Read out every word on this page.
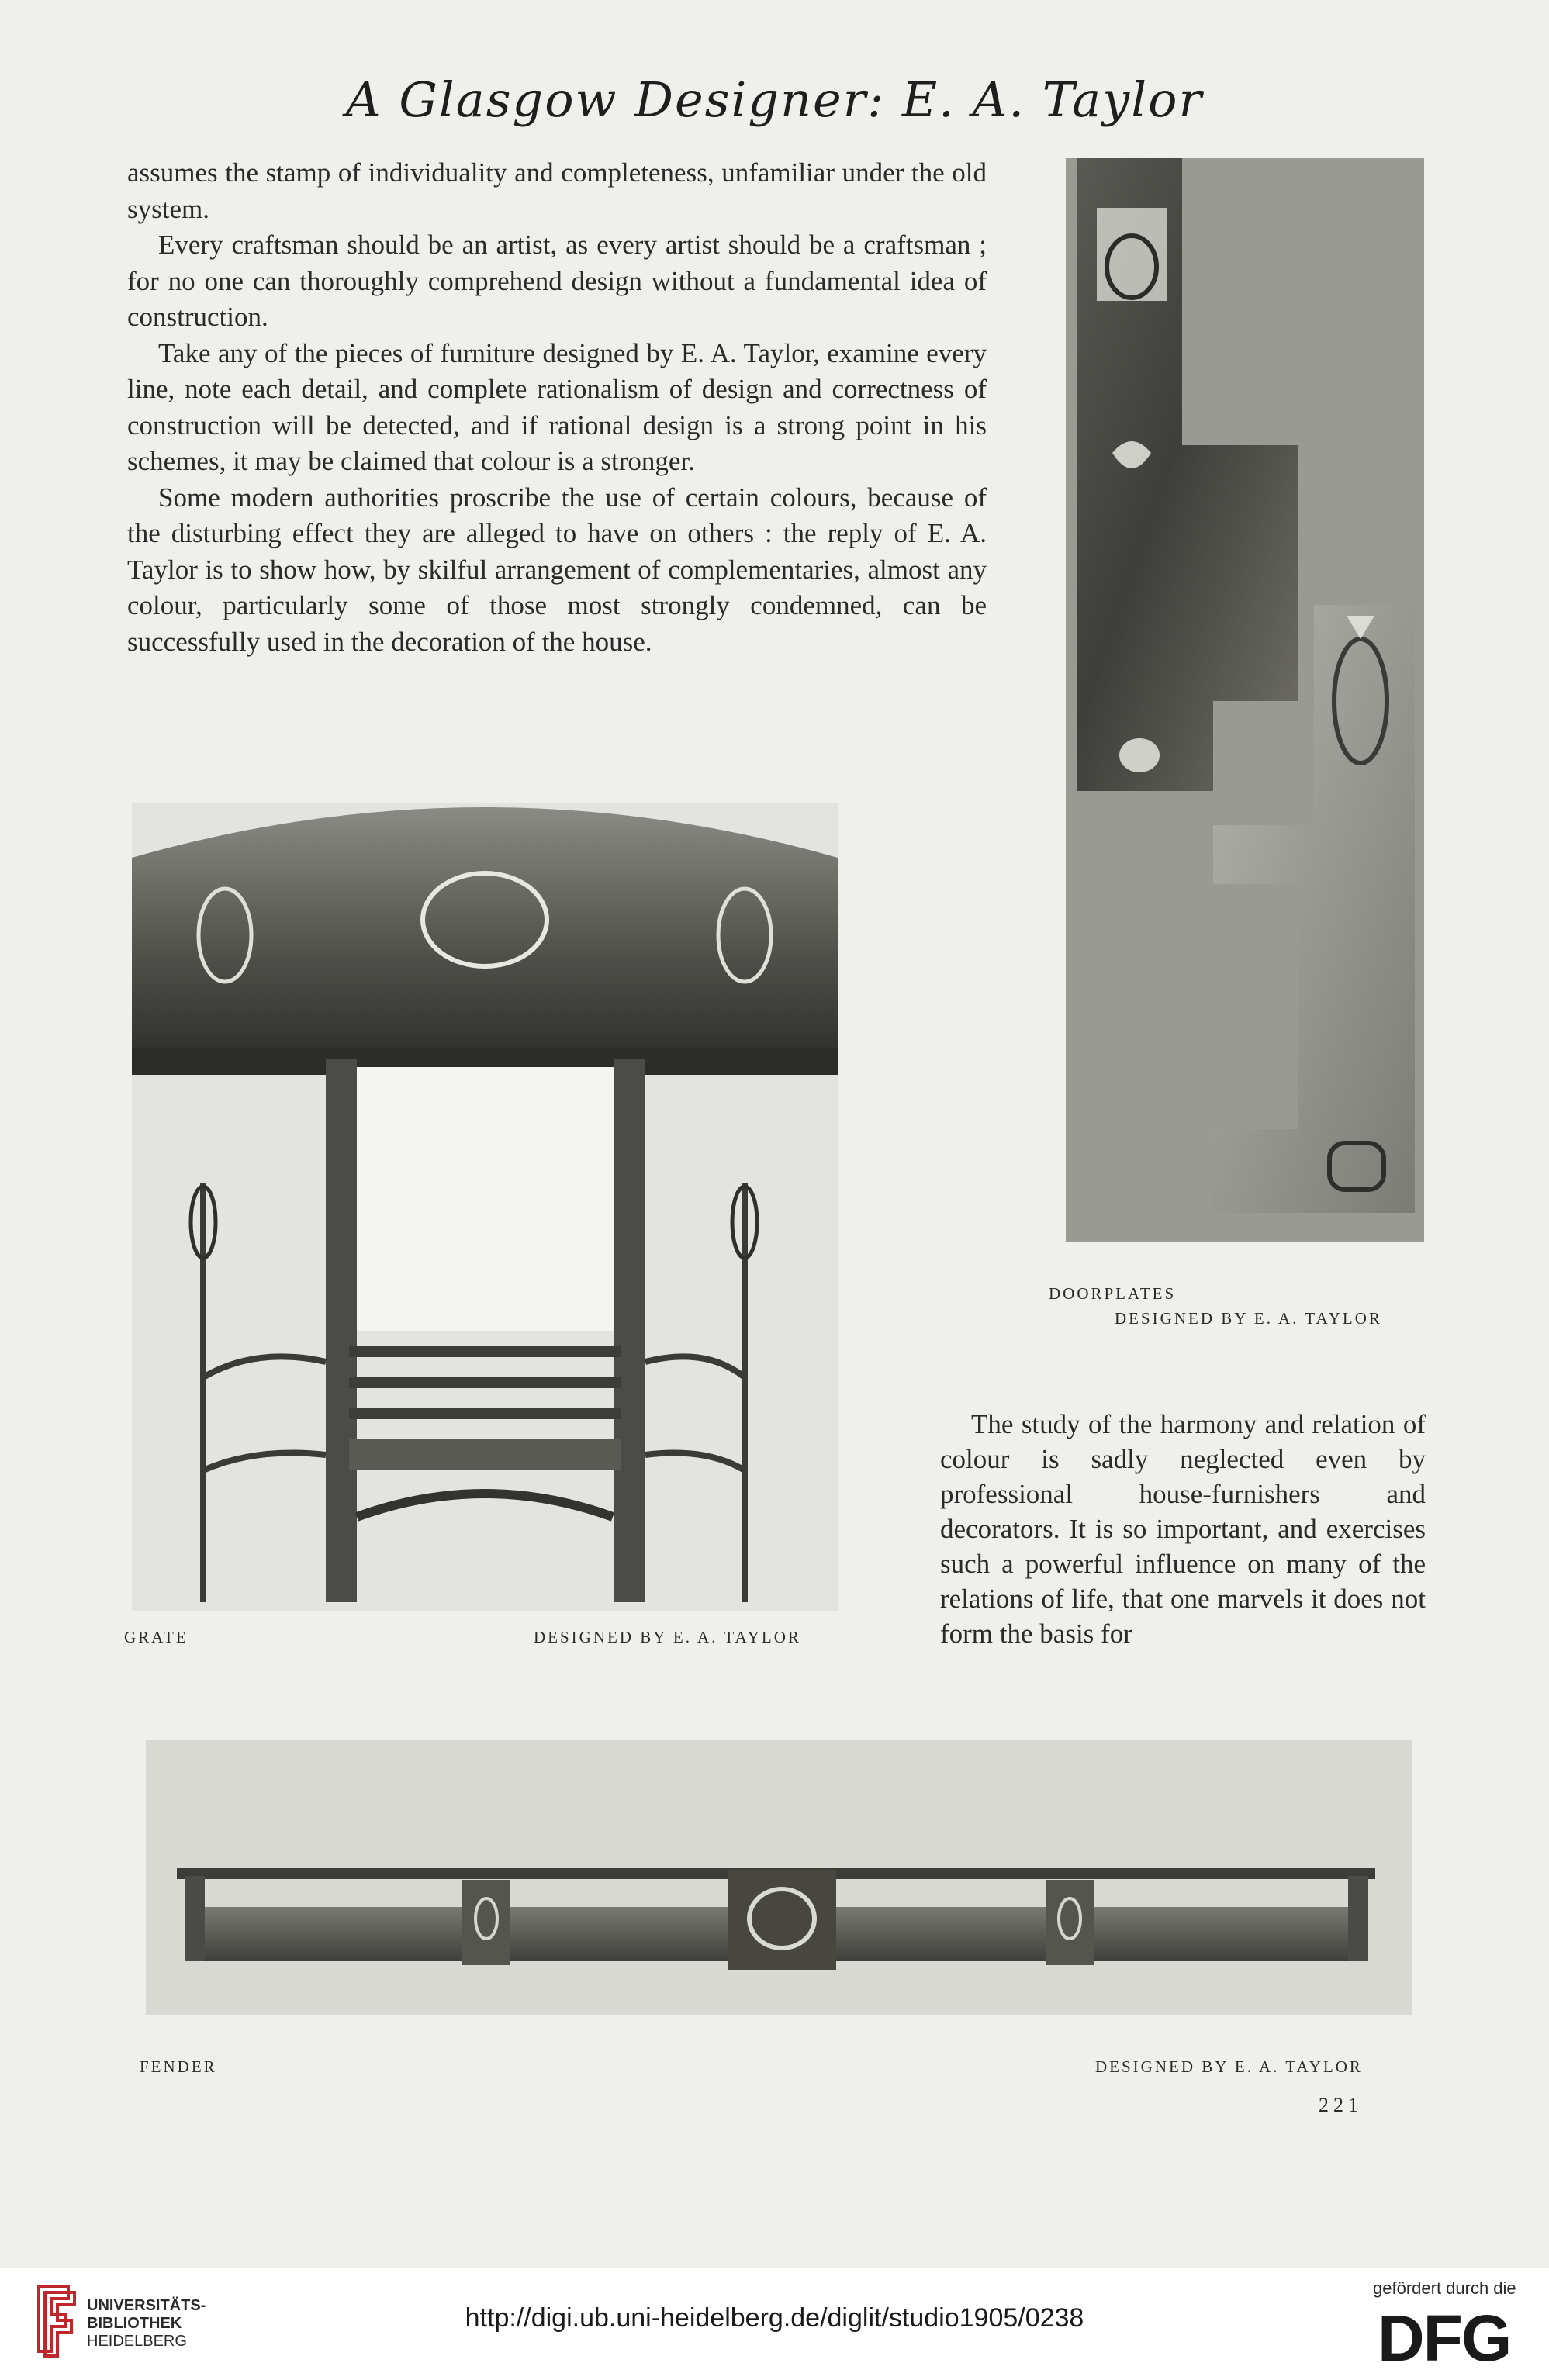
A Glasgow Designer: E. A. Taylor

assumes the stamp of individuality and completeness, unfamiliar under the old system.

Every craftsman should be an artist, as every artist should be a craftsman ; for no one can thoroughly comprehend design without a fundamental idea of construction.

Take any of the pieces of furniture designed by E. A. Taylor, examine every line, note each detail, and complete rationalism of design and correctness of construction will be detected, and if rational design is a strong point in his schemes, it may be claimed that colour is a stronger.

Some modern authorities proscribe the use of certain colours, because of the disturbing effect they are alleged to have on others : the reply of E. A. Taylor is to show how, by skilful arrangement of complementaries, almost any colour, particularly some of those most strongly condemned, can be successfully used in the decoration of the house.

DOORPLATES
DESIGNED BY E. A. TAYLOR
GRATE	DESIGNED BY E. A. TAYLOR

The study of the harmony and relation of colour is sadly neglected even by professional house-furnishers and decorators. It is so important, and exercises such a powerful influence on many of the relations of life, that one marvels it does not form the basis for

FENDER	DESIGNED BY E. A. TAYLOR
221
UNIVERSITÄTS-
BIBLIOTHEK
HEIDELBERG
http://digi.ub.uni-heidelberg.de/diglit/studio1905/0238
gefördert durch die
DFG
